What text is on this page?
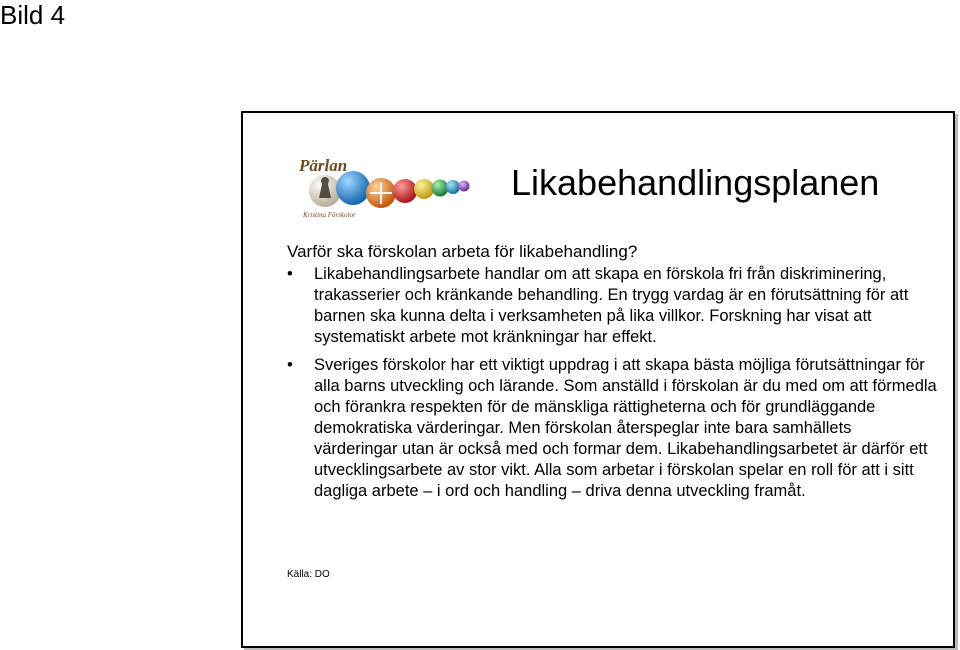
Bild 4
Pärlan
Kristina Förskolor
Likabehandlingsplanen
Varför ska förskolan arbeta för likabehandling?
• Likabehandlingsarbete handlar om att skapa en förskola fri från diskriminering, trakasserier och kränkande behandling. En trygg vardag är en förutsättning för att barnen ska kunna delta i verksamheten på lika villkor. Forskning har visat att systematiskt arbete mot kränkningar har effekt.
• Sveriges förskolor har ett viktigt uppdrag i att skapa bästa möjliga förutsättningar för alla barns utveckling och lärande. Som anställd i förskolan är du med om att förmedla och förankra respekten för de mänskliga rättigheterna och för grundläggande demokratiska värderingar. Men förskolan återspeglar inte bara samhällets värderingar utan är också med och formar dem. Likabehandlingsarbetet är därför ett utvecklingsarbete av stor vikt. Alla som arbetar i förskolan spelar en roll för att i sitt dagliga arbete – i ord och handling – driva denna utveckling framåt.
Källa: DO
